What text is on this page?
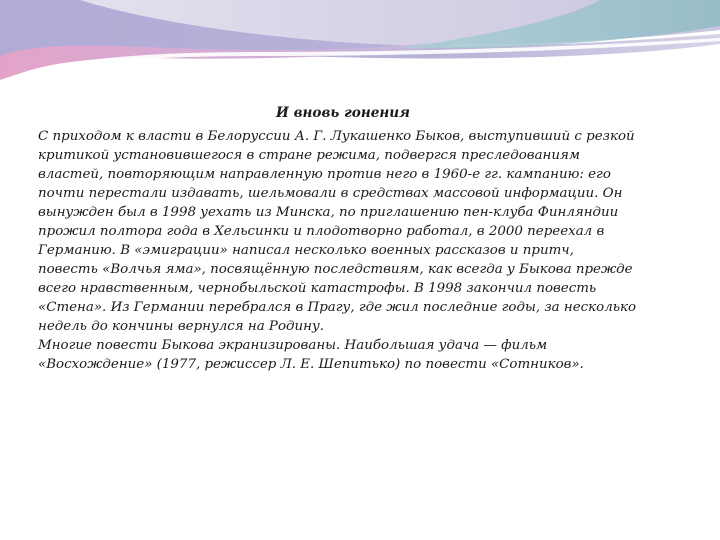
И вновь гонения

С приходом к власти в Белоруссии А. Г. Лукашенко Быков, выступивший с резкой
критикой установившегося в стране режима, подвергся преследованиям
властей, повторяющим направленную против него в 1960-е гг. кампанию: его
почти перестали издавать, шельмовали в средствах массовой информации. Он
вынужден был в 1998 уехать из Минска, по приглашению пен-клуба Финляндии
прожил полтора года в Хельсинки и плодотворно работал, в 2000 переехал в
Германию. В «эмиграции» написал несколько военных рассказов и притч,
повесть «Волчья яма», посвящённую последствиям, как всегда у Быкова прежде
всего нравственным, чернобыльской катастрофы. В 1998 закончил повесть
«Стена». Из Германии перебрался в Прагу, где жил последние годы, за несколько
недель до кончины вернулся на Родину.

Многие повести Быкова экранизированы. Наибольшая удача — фильм
«Восхождение» (1977, режиссер Л. Е. Шепитько) по повести «Сотников».
